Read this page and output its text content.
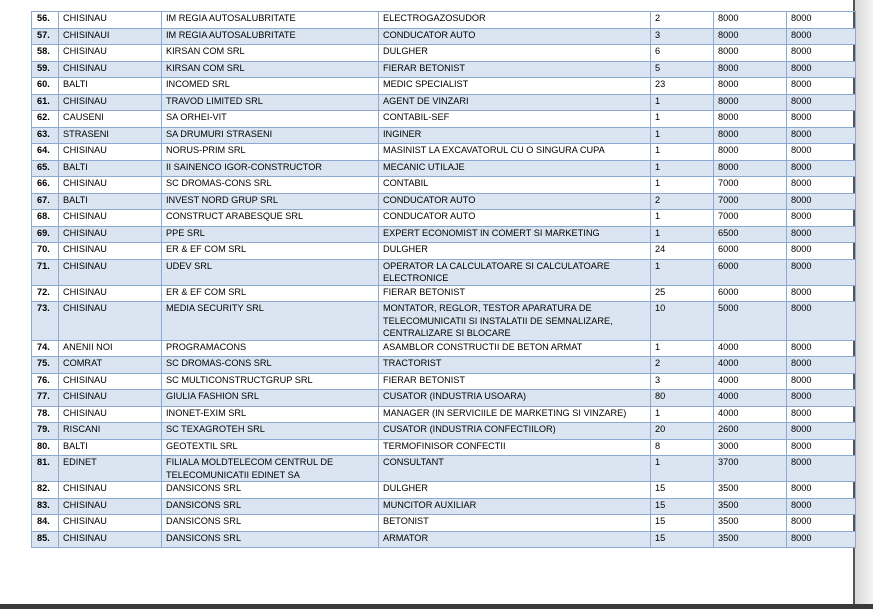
56.	CHISINAU	IM REGIA AUTOSALUBRITATE	ELECTROGAZOSUDOR	2	8000	8000
57.	CHISINAUI	IM REGIA AUTOSALUBRITATE	CONDUCATOR AUTO	3	8000	8000
58.	CHISINAU	KIRSAN COM SRL	DULGHER	6	8000	8000
59.	CHISINAU	KIRSAN COM SRL	FIERAR BETONIST	5	8000	8000
60.	BALTI	INCOMED SRL	MEDIC SPECIALIST	23	8000	8000
61.	CHISINAU	TRAVOD LIMITED SRL	AGENT DE VINZARI	1	8000	8000
62.	CAUSENI	SA ORHEI-VIT	CONTABIL-SEF	1	8000	8000
63.	STRASENI	SA DRUMURI STRASENI	INGINER	1	8000	8000
64.	CHISINAU	NORUS-PRIM SRL	MASINIST LA EXCAVATORUL CU O SINGURA CUPA	1	8000	8000
65.	BALTI	II SAINENCO IGOR-CONSTRUCTOR	MECANIC UTILAJE	1	8000	8000
66.	CHISINAU	SC DROMAS-CONS SRL	CONTABIL	1	7000	8000
67.	BALTI	INVEST NORD GRUP SRL	CONDUCATOR AUTO	2	7000	8000
68.	CHISINAU	CONSTRUCT ARABESQUE SRL	CONDUCATOR AUTO	1	7000	8000
69.	CHISINAU	PPE SRL	EXPERT ECONOMIST IN COMERT SI MARKETING	1	6500	8000
70.	CHISINAU	ER & EF COM SRL	DULGHER	24	6000	8000
71.	CHISINAU	UDEV SRL	OPERATOR LA CALCULATOARE SI CALCULATOARE ELECTRONICE	1	6000	8000
72.	CHISINAU	ER & EF COM SRL	FIERAR BETONIST	25	6000	8000
73.	CHISINAU	MEDIA SECURITY SRL	MONTATOR, REGLOR, TESTOR APARATURA DE TELECOMUNICATII SI INSTALATII DE SEMNALIZARE, CENTRALIZARE SI BLOCARE	10	5000	8000
74.	ANENII NOI	PROGRAMACONS	ASAMBLOR CONSTRUCTII DE BETON ARMAT	1	4000	8000
75.	COMRAT	SC DROMAS-CONS SRL	TRACTORIST	2	4000	8000
76.	CHISINAU	SC MULTICONSTRUCTGRUP SRL	FIERAR BETONIST	3	4000	8000
77.	CHISINAU	GIULIA FASHION SRL	CUSATOR (INDUSTRIA USOARA)	80	4000	8000
78.	CHISINAU	INONET-EXIM SRL	MANAGER (IN SERVICIILE DE MARKETING SI VINZARE)	1	4000	8000
79.	RISCANI	SC TEXAGROTEH SRL	CUSATOR (INDUSTRIA CONFECTIILOR)	20	2600	8000
80.	BALTI	GEOTEXTIL SRL	TERMOFINISOR CONFECTII	8	3000	8000
81.	EDINET	FILIALA MOLDTELECOM CENTRUL DE TELECOMUNICATII EDINET SA	CONSULTANT	1	3700	8000
82.	CHISINAU	DANSICONS SRL	DULGHER	15	3500	8000
83.	CHISINAU	DANSICONS SRL	MUNCITOR AUXILIAR	15	3500	8000
84.	CHISINAU	DANSICONS SRL	BETONIST	15	3500	8000
85.	CHISINAU	DANSICONS SRL	ARMATOR	15	3500	8000
